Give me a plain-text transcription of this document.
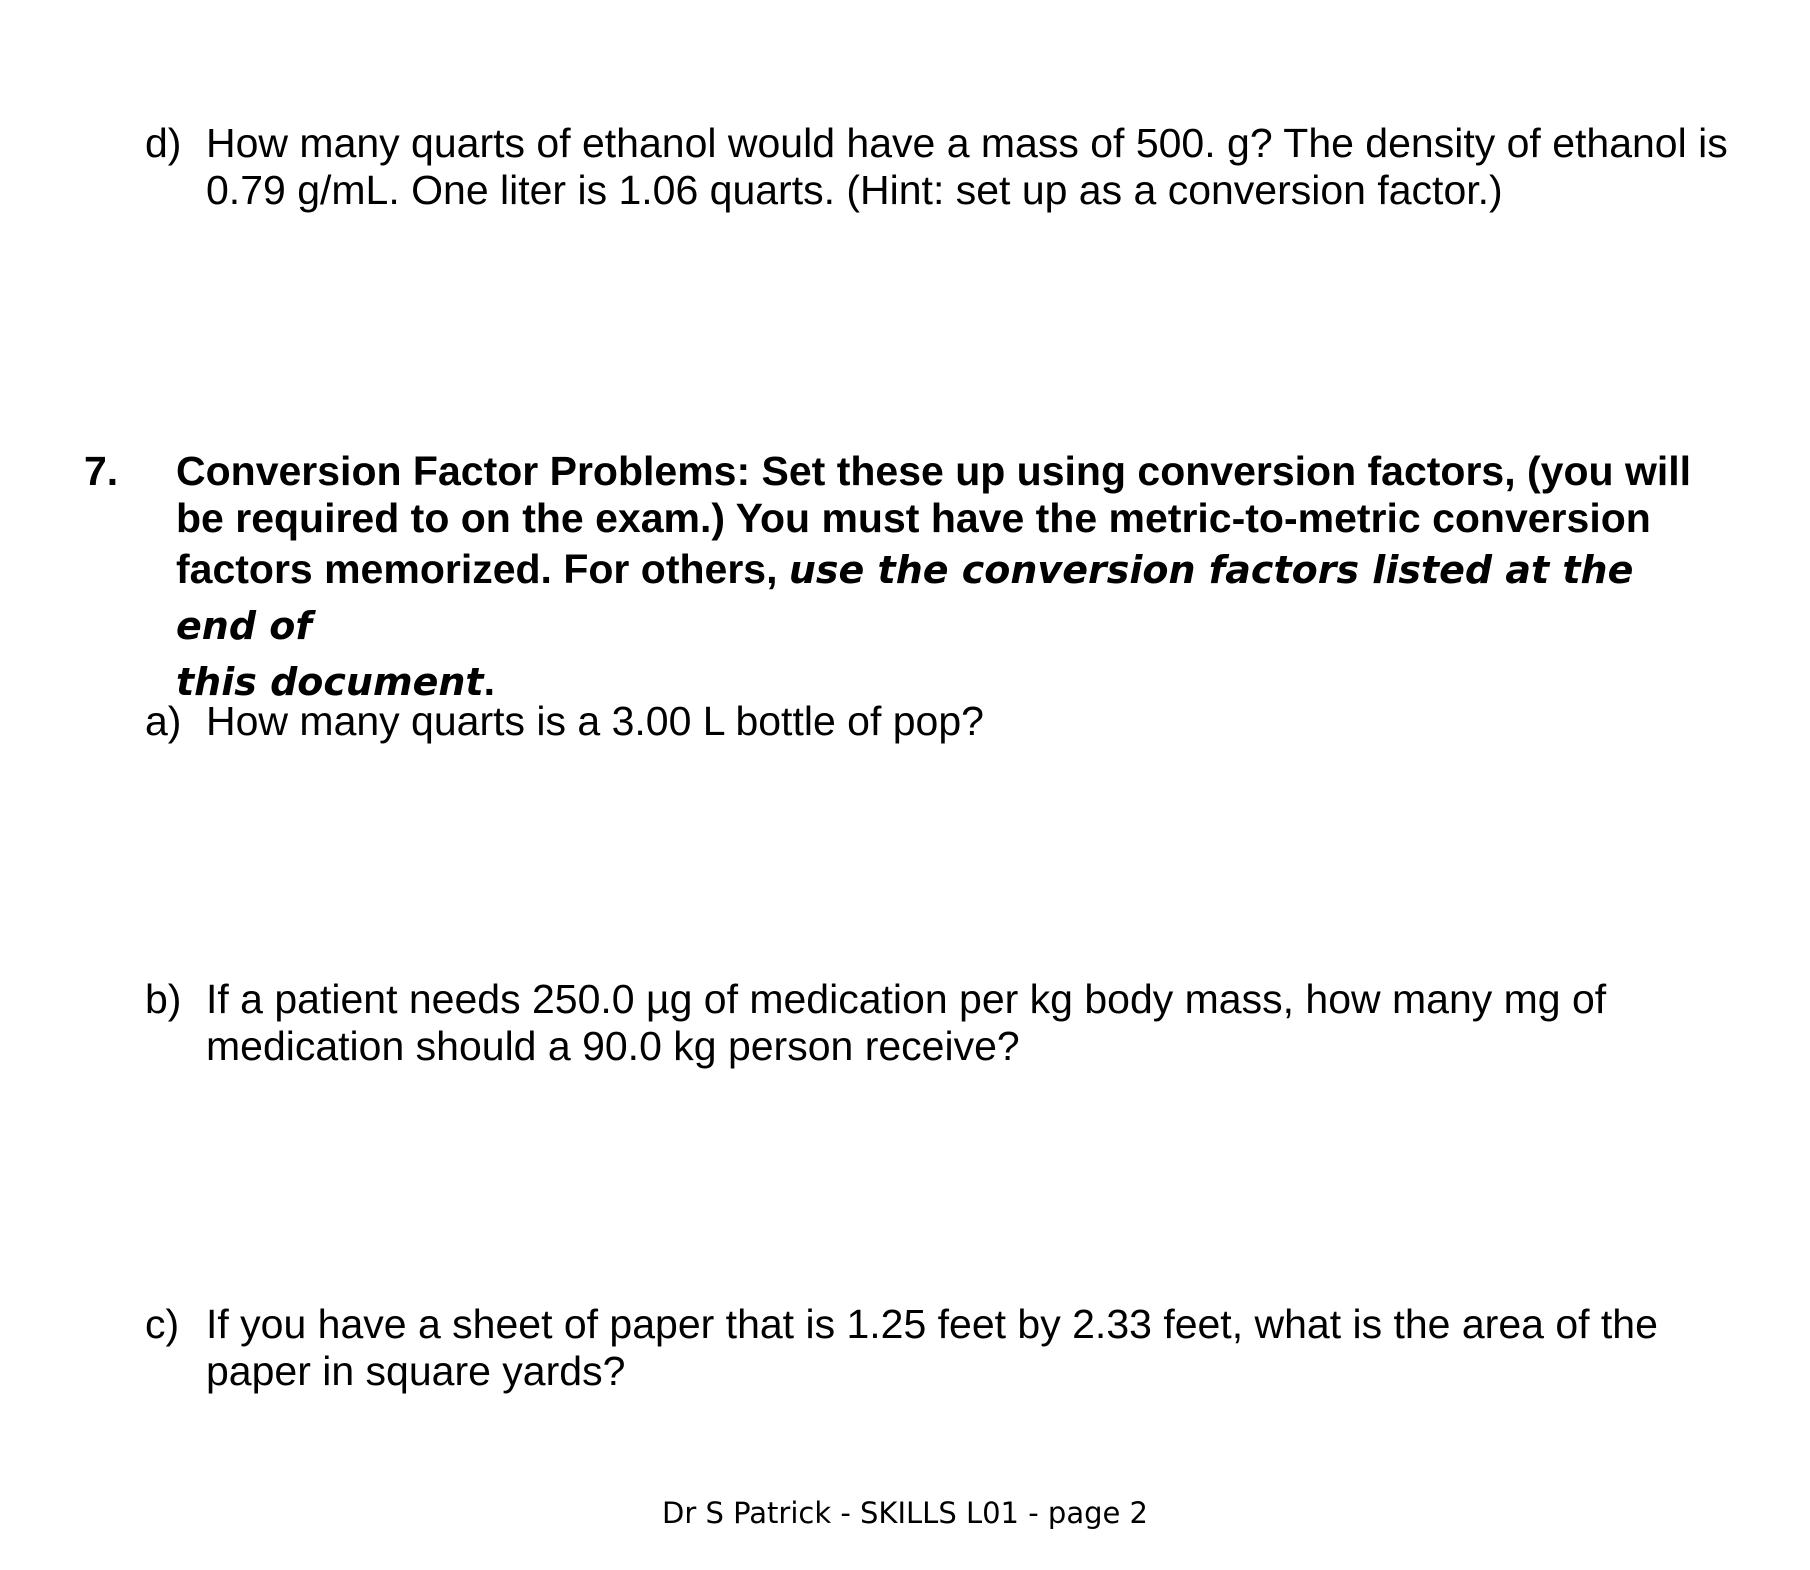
d) How many quarts of ethanol would have a mass of 500. g? The density of ethanol is
0.79 g/mL. One liter is 1.06 quarts. (Hint: set up as a conversion factor.)
7. Conversion Factor Problems: Set these up using conversion factors, (you will
be required to on the exam.) You must have the metric-to-metric conversion
factors memorized. For others, use the conversion factors listed at the end of
this document.
a) How many quarts is a 3.00 L bottle of pop?
b) If a patient needs 250.0 µg of medication per kg body mass, how many mg of
medication should a 90.0 kg person receive?
c) If you have a sheet of paper that is 1.25 feet by 2.33 feet, what is the area of the
paper in square yards?
Dr S Patrick - SKILLS L01 - page 2
